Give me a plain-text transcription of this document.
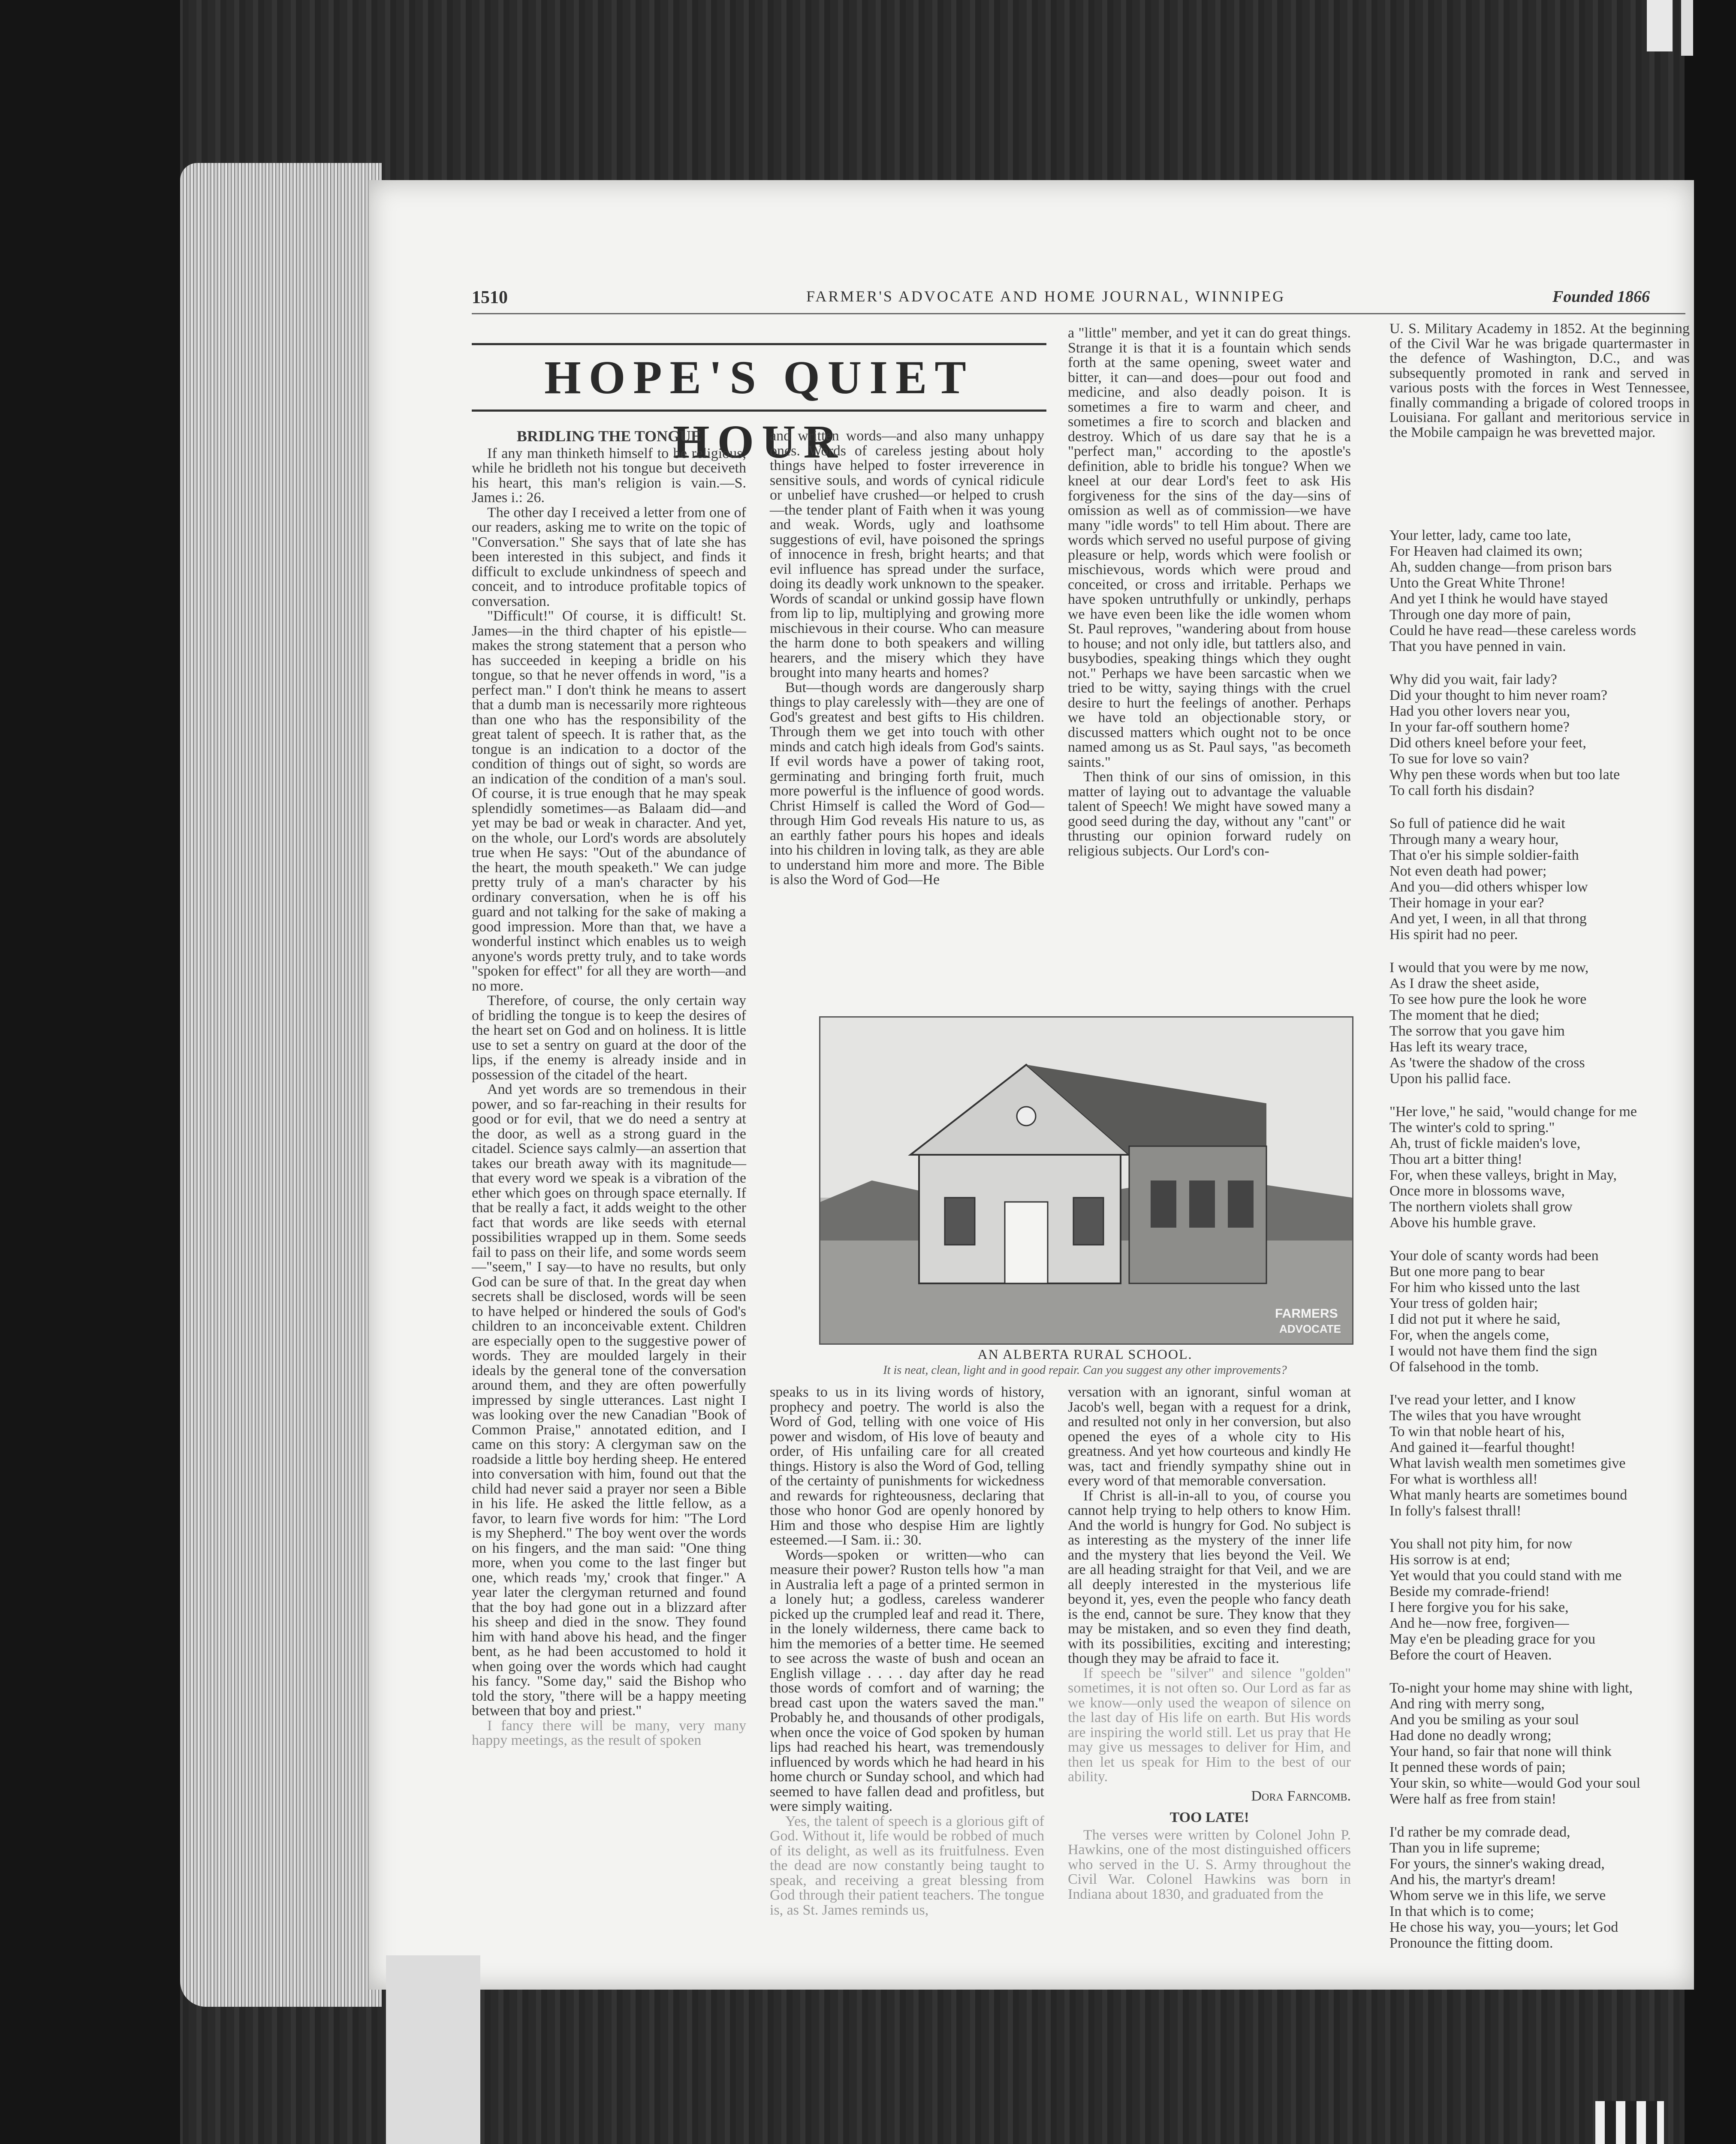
1510	FARMER'S ADVOCATE AND HOME JOURNAL, WINNIPEG	Founded 1866
HOPE'S QUIET HOUR
BRIDLING THE TONGUE

If any man thinketh himself to be religious, while he bridleth not his tongue but deceiveth his heart, this man's religion is vain.—S. James i.: 26.

The other day I received a letter from one of our readers, asking me to write on the topic of "Conversation." She says that of late she has been interested in this subject, and finds it difficult to exclude unkindness of speech and conceit, and to introduce profitable topics of conversation.

"Difficult!" Of course, it is difficult! St. James—in the third chapter of his epistle—makes the strong statement that a person who has succeeded in keeping a bridle on his tongue, so that he never offends in word, "is a perfect man." I don't think he means to assert that a dumb man is necessarily more righteous than one who has the responsibility of the great talent of speech. It is rather that, as the tongue is an indication to a doctor of the condition of things out of sight, so words are an indication of the condition of a man's soul. Of course, it is true enough that he may speak splendidly sometimes—as Balaam did—and yet may be bad or weak in character. And yet, on the whole, our Lord's words are absolutely true when He says: "Out of the abundance of the heart, the mouth speaketh." We can judge pretty truly of a man's character by his ordinary conversation, when he is off his guard and not talking for the sake of making a good impression. More than that, we have a wonderful instinct which enables us to weigh anyone's words pretty truly, and to take words "spoken for effect" for all they are worth—and no more.

Therefore, of course, the only certain way of bridling the tongue is to keep the desires of the heart set on God and on holiness. It is little use to set a sentry on guard at the door of the lips, if the enemy is already inside and in possession of the citadel of the heart.

And yet words are so tremendous in their power, and so far-reaching in their results for good or for evil, that we do need a sentry at the door, as well as a strong guard in the citadel. Science says calmly—an assertion that takes our breath away with its magnitude—that every word we speak is a vibration of the ether which goes on through space eternally. If that be really a fact, it adds weight to the other fact that words are like seeds with eternal possibilities wrapped up in them. Some seeds fail to pass on their life, and some words seem—"seem," I say—to have no results, but only God can be sure of that. In the great day when secrets shall be disclosed, words will be seen to have helped or hindered the souls of God's children to an inconceivable extent. Children are especially open to the suggestive power of words. They are moulded largely in their ideals by the general tone of the conversation around them, and they are often powerfully impressed by single utterances. Last night I was looking over the new Canadian "Book of Common Praise," annotated edition, and I came on this story: A clergyman saw on the roadside a little boy herding sheep. He entered into conversation with him, found out that the child had never said a prayer nor seen a Bible in his life. He asked the little fellow, as a favor, to learn five words for him: "The Lord is my Shepherd." The boy went over the words on his fingers, and the man said: "One thing more, when you come to the last finger but one, which reads 'my,' crook that finger." A year later the clergyman returned and found that the boy had gone out in a blizzard after his sheep and died in the snow. They found him with hand above his head, and the finger bent, as he had been accustomed to hold it when going over the words which had caught his fancy. "Some day," said the Bishop who told the story, "there will be a happy meeting between that boy and priest."

I fancy there will be many, very many happy meetings, as the result of spoken

and written words—and also many unhappy ones. Words of careless jesting about holy things have helped to foster irreverence in sensitive souls, and words of cynical ridicule or unbelief have crushed—or helped to crush—the tender plant of Faith when it was young and weak. Words, ugly and loathsome suggestions of evil, have poisoned the springs of innocence in fresh, bright hearts; and that evil influence has spread under the surface, doing its deadly work unknown to the speaker. Words of scandal or unkind gossip have flown from lip to lip, multiplying and growing more mischievous in their course. Who can measure the harm done to both speakers and willing hearers, and the misery which they have brought into many hearts and homes?

But—though words are dangerously sharp things to play carelessly with—they are one of God's greatest and best gifts to His children. Through them we get into touch with other minds and catch high ideals from God's saints. If evil words have a power of taking root, germinating and bringing forth fruit, much more powerful is the influence of good words. Christ Himself is called the Word of God—through Him God reveals His nature to us, as an earthly father pours his hopes and ideals into his children in loving talk, as they are able to understand him more and more. The Bible is also the Word of God—He

a "little" member, and yet it can do great things. Strange it is that it is a fountain which sends forth at the same opening, sweet water and bitter, it can—and does—pour out food and medicine, and also deadly poison. It is sometimes a fire to warm and cheer, and sometimes a fire to scorch and blacken and destroy. Which of us dare say that he is a "perfect man," according to the apostle's definition, able to bridle his tongue? When we kneel at our dear Lord's feet to ask His forgiveness for the sins of the day—sins of omission as well as of commission—we have many "idle words" to tell Him about. There are words which served no useful purpose of giving pleasure or help, words which were foolish or mischievous, words which were proud and conceited, or cross and irritable. Perhaps we have spoken untruthfully or unkindly, perhaps we have even been like the idle women whom St. Paul reproves, "wandering about from house to house; and not only idle, but tattlers also, and busybodies, speaking things which they ought not." Perhaps we have been sarcastic when we tried to be witty, saying things with the cruel desire to hurt the feelings of another. Perhaps we have told an objectionable story, or discussed matters which ought not to be once named among us as St. Paul says, "as becometh saints."

Then think of our sins of omission, in this matter of laying out to advantage the valuable talent of Speech! We might have sowed many a good seed during the day, without any "cant" or thrusting our opinion forward rudely on religious subjects. Our Lord's con-

FARMERS
ADVOCATE
AN ALBERTA RURAL SCHOOL.
It is neat, clean, light and in good repair. Can you suggest any other improvements?

speaks to us in its living words of history, prophecy and poetry. The world is also the Word of God, telling with one voice of His power and wisdom, of His love of beauty and order, of His unfailing care for all created things. History is also the Word of God, telling of the certainty of punishments for wickedness and rewards for righteousness, declaring that those who honor God are openly honored by Him and those who despise Him are lightly esteemed.—I Sam. ii.: 30.

Words—spoken or written—who can measure their power? Ruston tells how "a man in Australia left a page of a printed sermon in a lonely hut; a godless, careless wanderer picked up the crumpled leaf and read it. There, in the lonely wilderness, there came back to him the memories of a better time. He seemed to see across the waste of bush and ocean an English village . . . . day after day he read those words of comfort and of warning; the bread cast upon the waters saved the man." Probably he, and thousands of other prodigals, when once the voice of God spoken by human lips had reached his heart, was tremendously influenced by words which he had heard in his home church or Sunday school, and which had seemed to have fallen dead and profitless, but were simply waiting.

Yes, the talent of speech is a glorious gift of God. Without it, life would be robbed of much of its delight, as well as its fruitfulness. Even the dead are now constantly being taught to speak, and receiving a great blessing from God through their patient teachers. The tongue is, as St. James reminds us,

versation with an ignorant, sinful woman at Jacob's well, began with a request for a drink, and resulted not only in her conversion, but also opened the eyes of a whole city to His greatness. And yet how courteous and kindly He was, tact and friendly sympathy shine out in every word of that memorable conversation.

If Christ is all-in-all to you, of course you cannot help trying to help others to know Him. And the world is hungry for God. No subject is as interesting as the mystery of the inner life and the mystery that lies beyond the Veil. We are all heading straight for that Veil, and we are all deeply interested in the mysterious life beyond it, yes, even the people who fancy death is the end, cannot be sure. They know that they may be mistaken, and so even they find death, with its possibilities, exciting and interesting; though they may be afraid to face it.

If speech be "silver" and silence "golden" sometimes, it is not often so. Our Lord as far as we know—only used the weapon of silence on the last day of His life on earth. But His words are inspiring the world still. Let us pray that He may give us messages to deliver for Him, and then let us speak for Him to the best of our ability.

Dora Farncomb.

TOO LATE!

The verses were written by Colonel John P. Hawkins, one of the most distinguished officers who served in the U. S. Army throughout the Civil War. Colonel Hawkins was born in Indiana about 1830, and graduated from the

U. S. Military Academy in 1852. At the beginning of the Civil War he was brigade quartermaster in the defence of Washington, D.C., and was subsequently promoted in rank and served in various posts with the forces in West Tennessee, finally commanding a brigade of colored troops in Louisiana. For gallant and meritorious service in the Mobile campaign he was brevetted major.

Your letter, lady, came too late,
For Heaven had claimed its own;
Ah, sudden change—from prison bars
Unto the Great White Throne!
And yet I think he would have stayed
Through one day more of pain,
Could he have read—these careless words
That you have penned in vain.

Why did you wait, fair lady?
Did your thought to him never roam?
Had you other lovers near you,
In your far-off southern home?
Did others kneel before your feet,
To sue for love so vain?
Why pen these words when but too late
To call forth his disdain?

So full of patience did he wait
Through many a weary hour,
That o'er his simple soldier-faith
Not even death had power;
And you—did others whisper low
Their homage in your ear?
And yet, I ween, in all that throng
His spirit had no peer.

I would that you were by me now,
As I draw the sheet aside,
To see how pure the look he wore
The moment that he died;
The sorrow that you gave him
Has left its weary trace,
As 'twere the shadow of the cross
Upon his pallid face.

"Her love," he said, "would change for me
The winter's cold to spring."
Ah, trust of fickle maiden's love,
Thou art a bitter thing!
For, when these valleys, bright in May,
Once more in blossoms wave,
The northern violets shall grow
Above his humble grave.

Your dole of scanty words had been
But one more pang to bear
For him who kissed unto the last
Your tress of golden hair;
I did not put it where he said,
For, when the angels come,
I would not have them find the sign
Of falsehood in the tomb.

I've read your letter, and I know
The wiles that you have wrought
To win that noble heart of his,
And gained it—fearful thought!
What lavish wealth men sometimes give
For what is worthless all!
What manly hearts are sometimes bound
In folly's falsest thrall!

You shall not pity him, for now
His sorrow is at end;
Yet would that you could stand with me
Beside my comrade-friend!
I here forgive you for his sake,
And he—now free, forgiven—
May e'en be pleading grace for you
Before the court of Heaven.

To-night your home may shine with light,
And ring with merry song,
And you be smiling as your soul
Had done no deadly wrong;
Your hand, so fair that none will think
It penned these words of pain;
Your skin, so white—would God your soul
Were half as free from stain!

I'd rather be my comrade dead,
Than you in life supreme;
For yours, the sinner's waking dread,
And his, the martyr's dream!
Whom serve we in this life, we serve
In that which is to come;
He chose his way, you—yours; let God
Pronounce the fitting doom.
